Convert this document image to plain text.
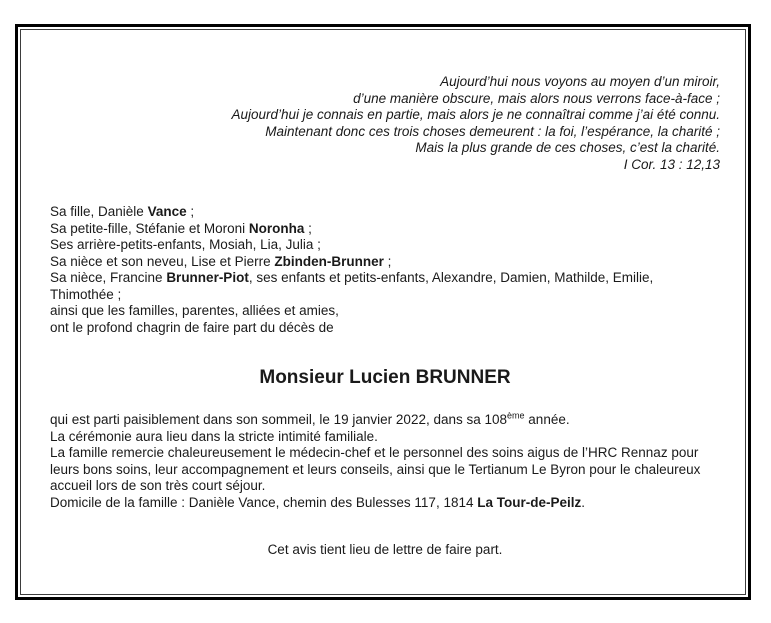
Aujourd’hui nous voyons au moyen d’un miroir,
d’une manière obscure, mais alors nous verrons face-à-face ;
Aujourd’hui je connais en partie, mais alors je ne connaîtrai comme j’ai été connu.
Maintenant donc ces trois choses demeurent : la foi, l’espérance, la charité ;
Mais la plus grande de ces choses, c’est la charité.
I Cor. 13 : 12,13
Sa fille, Danièle Vance ;
Sa petite-fille, Stéfanie et Moroni Noronha ;
Ses arrière-petits-enfants, Mosiah, Lia, Julia ;
Sa nièce et son neveu, Lise et Pierre Zbinden-Brunner ;
Sa nièce, Francine Brunner-Piot, ses enfants et petits-enfants, Alexandre, Damien, Mathilde, Emilie, Thimothée ;
ainsi que les familles, parentes, alliées et amies,
ont le profond chagrin de faire part du décès de
Monsieur Lucien BRUNNER

qui est parti paisiblement dans son sommeil, le 19 janvier 2022, dans sa 108ème année.

La cérémonie aura lieu dans la stricte intimité familiale.

La famille remercie chaleureusement le médecin-chef et le personnel des soins aigus de l’HRC Rennaz pour leurs bons soins, leur accompagnement et leurs conseils, ainsi que le Tertianum Le Byron pour le chaleureux accueil lors de son très court séjour.

Domicile de la famille : Danièle Vance, chemin des Bulesses 117, 1814 La Tour-de-Peilz.

Cet avis tient lieu de lettre de faire part.
